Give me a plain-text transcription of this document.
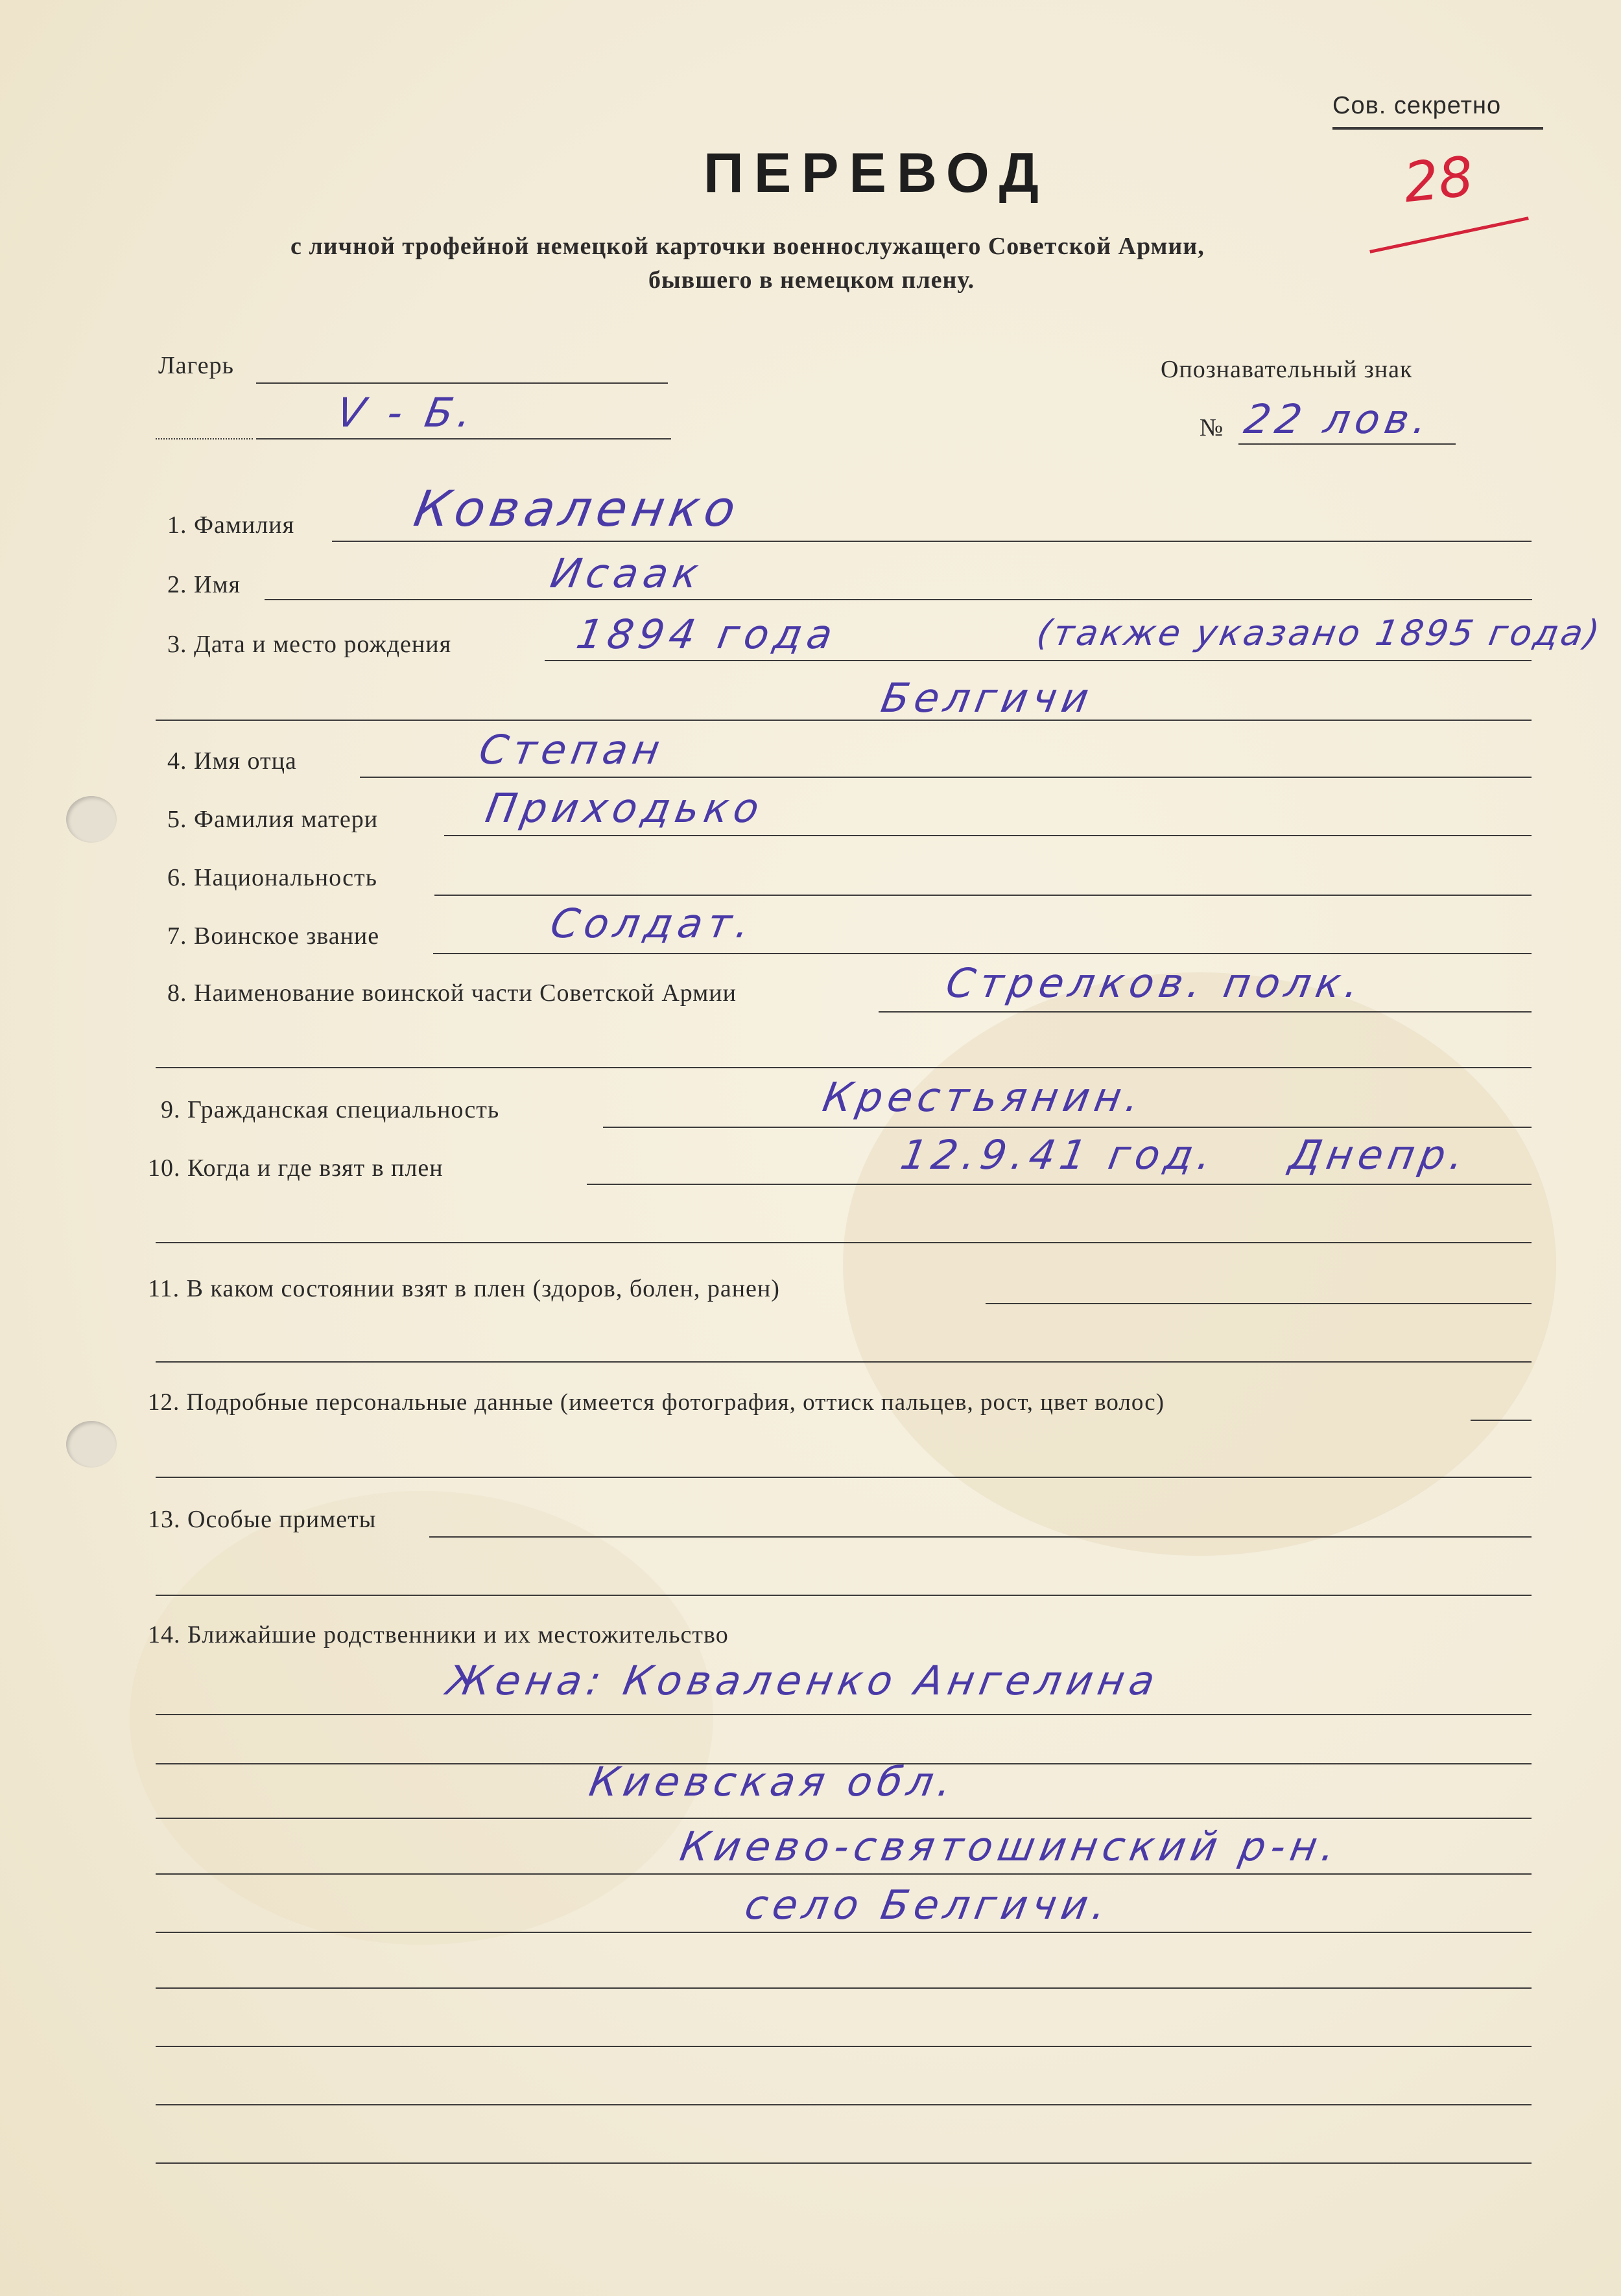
Сов. секретно
ПЕРЕВОД	28
с личной трофейной немецкой карточки военнослужащего Советской Армии,
бывшего в немецком плену.
Лагерь
V - Б.
Опознавательный знак
№ 22 лов.
1. Фамилия Коваленко
2. Имя	Исаак
3. Дата и место рождения	1894 года	(также указано 1895 года)
Белгичи
4. Имя отца	Степан
5. Фамилия матери	Приходько
6. Национальность
7. Воинское звание	Солдат.
8. Наименование воинской части Советской Армии	Стрелков. полк.
9. Гражданская специальность	Крестьянин.
10. Когда и где взят в плен	12.9.41 год. Днепр.
11. В каком состоянии взят в плен (здоров, болен, ранен)
12. Подробные персональные данные (имеется фотография, оттиск пальцев, рост, цвет волос)
13. Особые приметы
14. Ближайшие родственники и их местожительство
Жена: Коваленко Ангелина
Киевская обл.
Киево-святошинский р-н.
село Белгичи.
